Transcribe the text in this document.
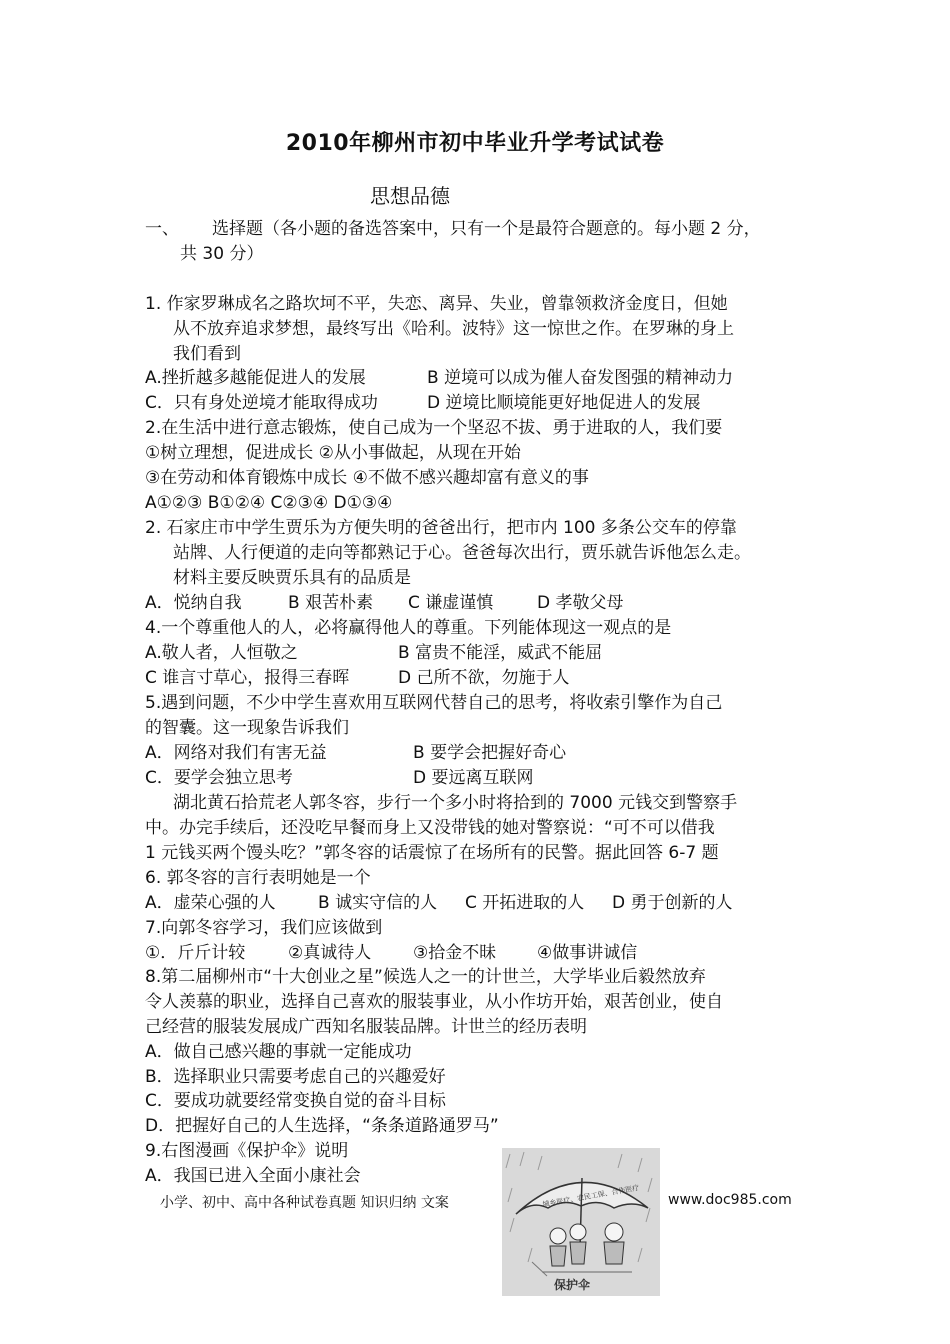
2010年柳州市初中毕业升学考试试卷
思想品德
一、 选择题（各小题的备选答案中，只有一个是最符合题意的。每小题 2 分，
共 30 分）
1. 作家罗琳成名之路坎坷不平，失恋、离异、失业，曾靠领救济金度日，但她
从不放弃追求梦想，最终写出《哈利。波特》这一惊世之作。在罗琳的身上
我们看到
A.挫折越多越能促进人的发展	B 逆境可以成为催人奋发图强的精神动力
C．只有身处逆境才能取得成功	D 逆境比顺境能更好地促进人的发展
2.在生活中进行意志锻炼，使自己成为一个坚忍不拔、勇于进取的人，我们要
①树立理想，促进成长 ②从小事做起，从现在开始
③在劳动和体育锻炼中成长 ④不做不感兴趣却富有意义的事
A①②③ B①②④ C②③④ D①③④
2. 石家庄市中学生贾乐为方便失明的爸爸出行，把市内 100 多条公交车的停靠
站牌、人行便道的走向等都熟记于心。爸爸每次出行，贾乐就告诉他怎么走。
材料主要反映贾乐具有的品质是
A．悦纳自我	B 艰苦朴素 C 谦虚谨慎	D 孝敬父母
4.一个尊重他人的人，必将赢得他人的尊重。下列能体现这一观点的是
A.敬人者，人恒敬之	B 富贵不能淫，威武不能屈
C 谁言寸草心，报得三春晖	D 己所不欲，勿施于人
5.遇到问题，不少中学生喜欢用互联网代替自己的思考，将收索引擎作为自己
的智囊。这一现象告诉我们
A．网络对我们有害无益	B 要学会把握好奇心
C．要学会独立思考	D 要远离互联网
湖北黄石拾荒老人郭冬容，步行一个多小时将拾到的 7000 元钱交到警察手
中。办完手续后，还没吃早餐而身上又没带钱的她对警察说：“可不可以借我
1 元钱买两个馒头吃？”郭冬容的话震惊了在场所有的民警。据此回答 6-7 题
6. 郭冬容的言行表明她是一个
A．虚荣心强的人 B 诚实守信的人 C 开拓进取的人 D 勇于创新的人
7.向郭冬容学习，我们应该做到
①．斤斤计较	②真诚待人 ③拾金不昧 ④做事讲诚信
8.第二届柳州市“十大创业之星”候选人之一的计世兰，大学毕业后毅然放弃
令人羡慕的职业，选择自己喜欢的服装事业，从小作坊开始，艰苦创业，使自
己经营的服装发展成广西知名服装品牌。计世兰的经历表明
A．做自己感兴趣的事就一定能成功
B．选择职业只需要考虑自己的兴趣爱好
C．要成功就要经常变换自觉的奋斗目标
D．把握好自己的人生选择，“条条道路通罗马”
9.右图漫画《保护伞》说明
A．我国已进入全面小康社会
城乡医疗、农民工保、合作医疗
保护伞
小学、初中、高中各种试卷真题 知识归纳 文案	www.doc985.com
